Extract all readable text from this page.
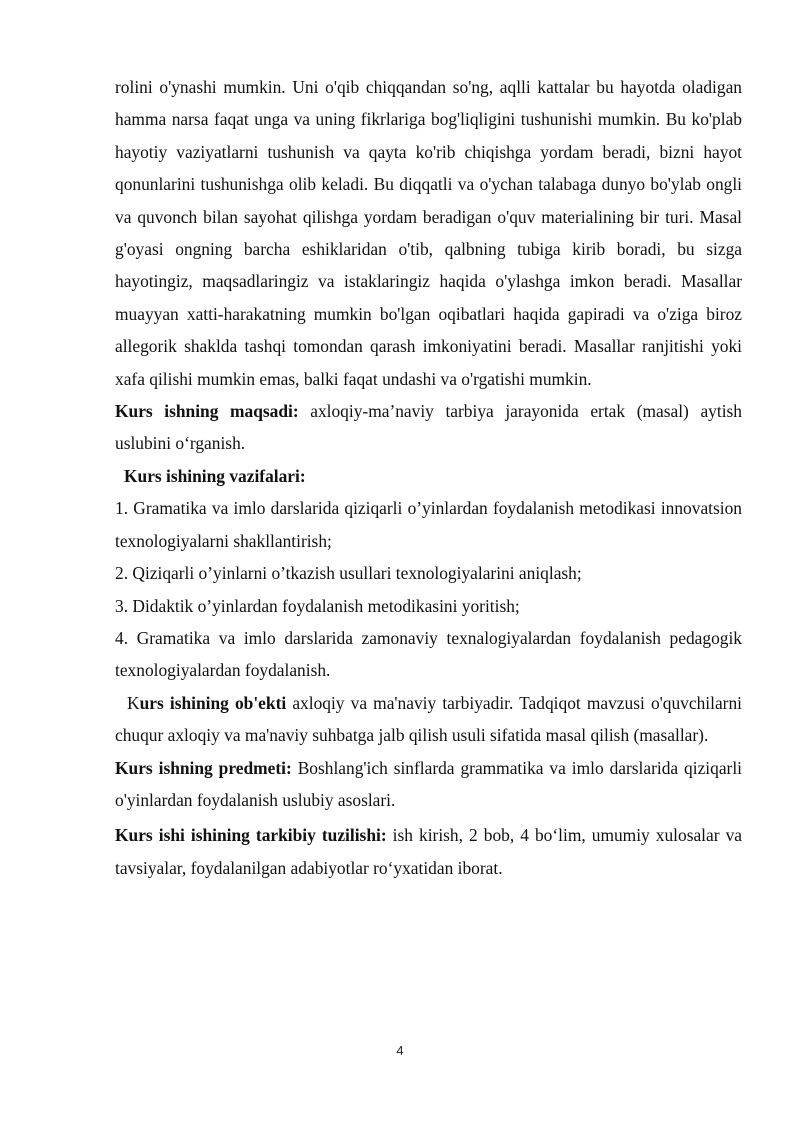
rolini o'ynashi mumkin. Uni o'qib chiqqandan so'ng, aqlli kattalar bu hayotda oladigan hamma narsa faqat unga va uning fikrlariga bog'liqligini tushunishi mumkin. Bu ko'plab hayotiy vaziyatlarni tushunish va qayta ko'rib chiqishga yordam beradi, bizni hayot qonunlarini tushunishga olib keladi. Bu diqqatli va o'ychan talabaga dunyo bo'ylab ongli va quvonch bilan sayohat qilishga yordam beradigan o'quv materialining bir turi. Masal g'oyasi ongning barcha eshiklaridan o'tib, qalbning tubiga kirib boradi, bu sizga hayotingiz, maqsadlaringiz va istaklaringiz haqida o'ylashga imkon beradi. Masallar muayyan xatti-harakatning mumkin bo'lgan oqibatlari haqida gapiradi va o'ziga biroz allegorik shaklda tashqi tomondan qarash imkoniyatini beradi. Masallar ranjitishi yoki xafa qilishi mumkin emas, balki faqat undashi va o'rgatishi mumkin.

Kurs ishning maqsadi: axloqiy-ma’naviy tarbiya jarayonida ertak (masal) aytish uslubini o‘rganish.

Kurs ishining vazifalari:

1. Gramatika va imlo darslarida qiziqarli o’yinlardan foydalanish metodikasi innovatsion texnologiyalarni shakllantirish;

2. Qiziqarli o’yinlarni o’tkazish usullari texnologiyalarini aniqlash;

3. Didaktik o’yinlardan foydalanish metodikasini yoritish;

4. Gramatika va imlo darslarida zamonaviy texnalogiyalardan foydalanish pedagogik texnologiyalardan foydalanish.

Kurs ishining ob'ekti axloqiy va ma'naviy tarbiyadir. Tadqiqot mavzusi o'quvchilarni chuqur axloqiy va ma'naviy suhbatga jalb qilish usuli sifatida masal qilish (masallar).

Kurs ishning predmeti: Boshlang'ich sinflarda grammatika va imlo darslarida qiziqarli o'yinlardan foydalanish uslubiy asoslari.

Kurs ishi ishining tarkibiy tuzilishi: ish kirish, 2 bob, 4 bo‘lim, umumiy xulosalar va tavsiyalar, foydalanilgan adabiyotlar ro‘yxatidan iborat.

4
